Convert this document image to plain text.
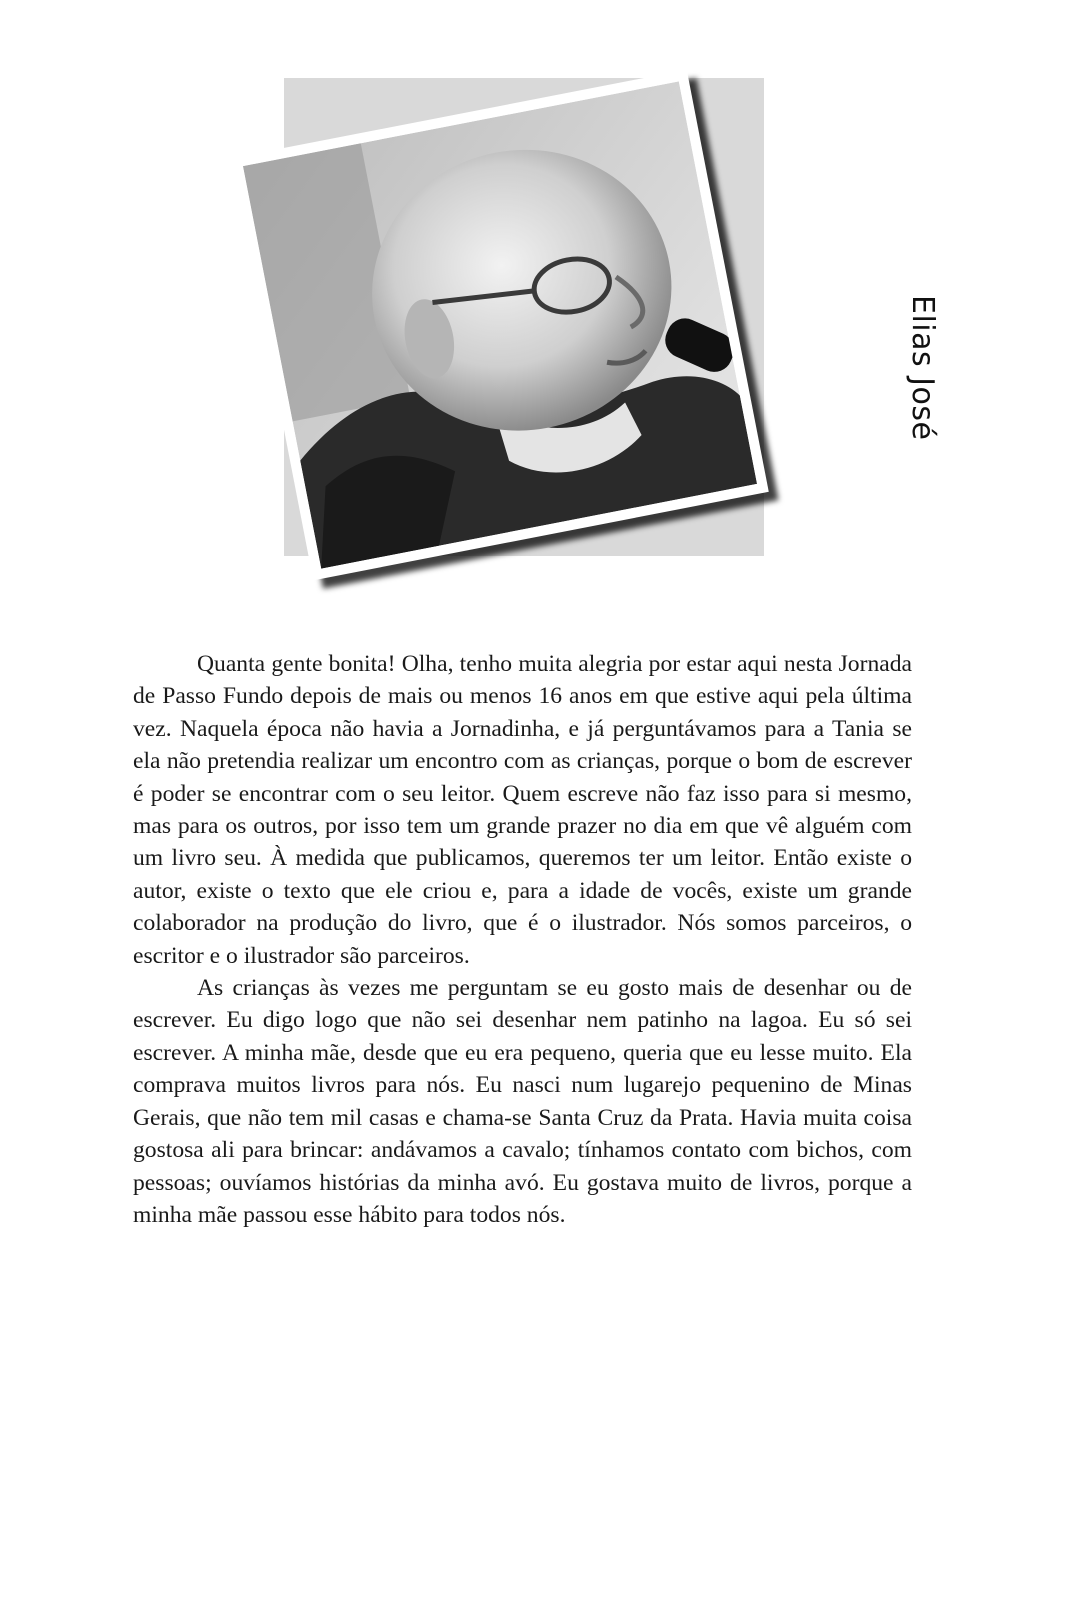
Elias José

Quanta gente bonita! Olha, tenho muita alegria por estar aqui nesta Jornada de Passo Fundo depois de mais ou menos 16 anos em que estive aqui pela última vez. Naquela época não havia a Jornadinha, e já perguntávamos para a Tania se ela não pretendia realizar um encontro com as crianças, porque o bom de escrever é poder se encontrar com o seu leitor. Quem escreve não faz isso para si mesmo, mas para os outros, por isso tem um grande prazer no dia em que vê alguém com um livro seu. À medida que publicamos, queremos ter um leitor. Então existe o autor, existe o texto que ele criou e, para a idade de vocês, existe um grande colaborador na produção do livro, que é o ilustrador. Nós somos parceiros, o escritor e o ilustrador são parceiros.

As crianças às vezes me perguntam se eu gosto mais de desenhar ou de escrever. Eu digo logo que não sei desenhar nem patinho na lagoa. Eu só sei escrever. A minha mãe, desde que eu era pequeno, queria que eu lesse muito. Ela comprava muitos livros para nós. Eu nasci num lugarejo pequenino de Minas Gerais, que não tem mil casas e chama-se Santa Cruz da Prata. Havia muita coisa gostosa ali para brincar: andávamos a cavalo; tínhamos contato com bichos, com pessoas; ouvíamos histórias da minha avó. Eu gostava muito de livros, porque a minha mãe passou esse hábito para todos nós.
